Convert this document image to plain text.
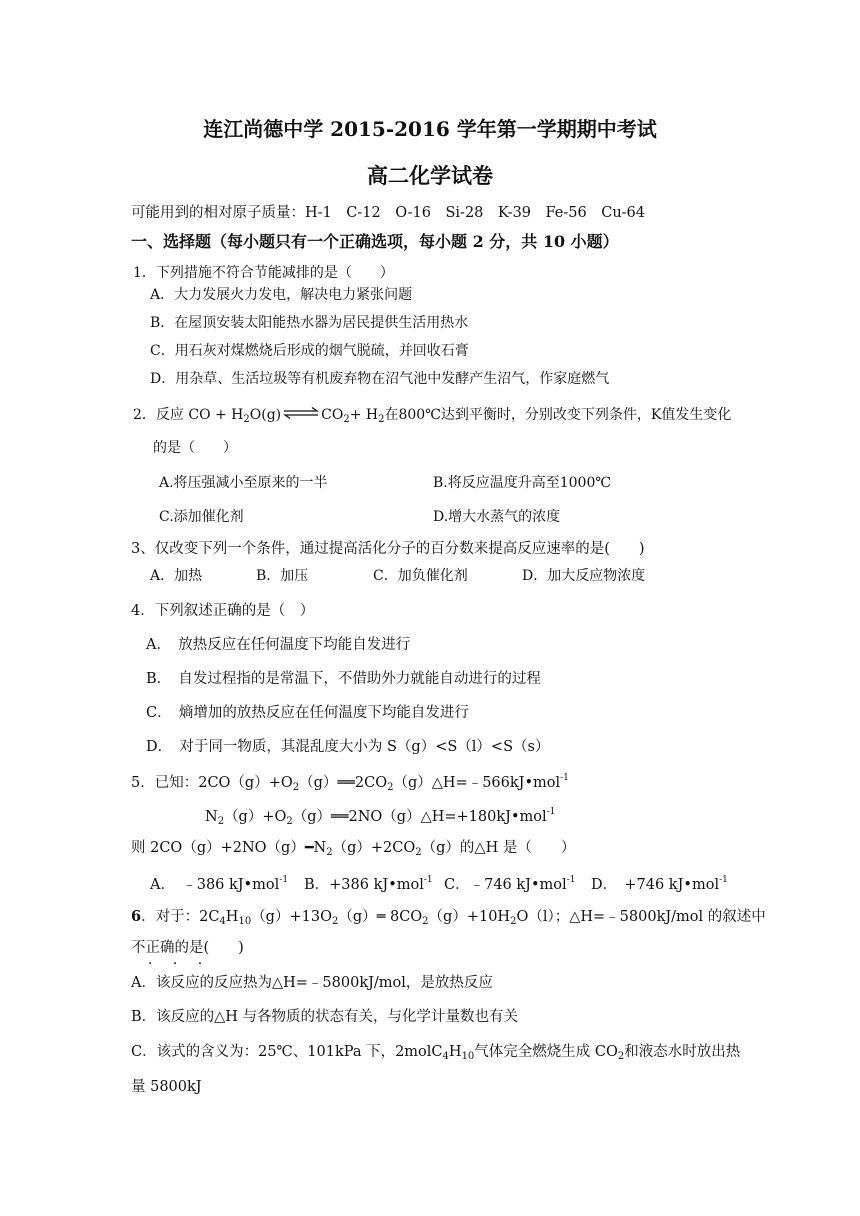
连江尚德中学 2015-2016 学年第一学期期中考试
高二化学试卷
可能用到的相对原子质量：H-1　C-12　O-16　Si-28　K-39　Fe-56　Cu-64
一、选择题（每小题只有一个正确选项，每小题 2 分，共 10 小题）
1．下列措施不符合节能减排的是（　　）
A．大力发展火力发电，解决电力紧张问题
B．在屋顶安装太阳能热水器为居民提供生活用热水
C．用石灰对煤燃烧后形成的烟气脱硫，并回收石膏
D．用杂草、生活垃圾等有机废弃物在沼气池中发酵产生沼气，作家庭燃气
2．反应 CO + $H_2O(g)$ ⇌ $CO_2+ H_2$在800℃达到平衡时，分别改变下列条件，K值发生变化
的是（　　）
A.将压强减小至原来的一半	B.将反应温度升高至1000℃
C.添加催化剂	D.增大水蒸气的浓度
3、仅改变下列一个条件，通过提高活化分子的百分数来提高反应速率的是(　　)
A．加热	B．加压	C．加负催化剂	D．加大反应物浓度
4．下列叙述正确的是（　）
A．　放热反应在任何温度下均能自发进行
B．　自发过程指的是常温下，不借助外力就能自动进行的过程
C．　熵增加的放热反应在任何温度下均能自发进行
D．　对于同一物质，其混乱度大小为 S（g）<S（l）<S（s）
5．已知：$2CO(g)+O_2(g)══2CO_2(g)\triangle H=﹣566kJ•mol^{-1}$
$N_2(g)+O_2(g)══2NO(g)\triangle H=+180kJ•mol^{-1}$
则 $2CO(g)+2NO(g)━N_2(g)+2CO_2(g)$的△H 是（　　）
A．　﹣386 kJ•mol$^{-1}$ B．+386 kJ•mol$^{-1}$ C．﹣746 kJ•mol$^{-1}$ D．　+746 kJ•mol$^{-1}$
6．对于：$2C_4H_{10}(g)+13O_2(g)═$ $8CO_2(g)+10H_2O(l)$；△H=﹣5800kJ/mol 的叙述中
不正确的是(　　)
· · ·
A．该反应的反应热为△H=﹣5800kJ/mol，是放热反应
B．该反应的△H 与各物质的状态有关，与化学计量数也有关
C．该式的含义为：25℃、101kPa 下，$2molC_4H_{10}$气体完全燃烧生成 $CO_2$和液态水时放出热
量 5800kJ
